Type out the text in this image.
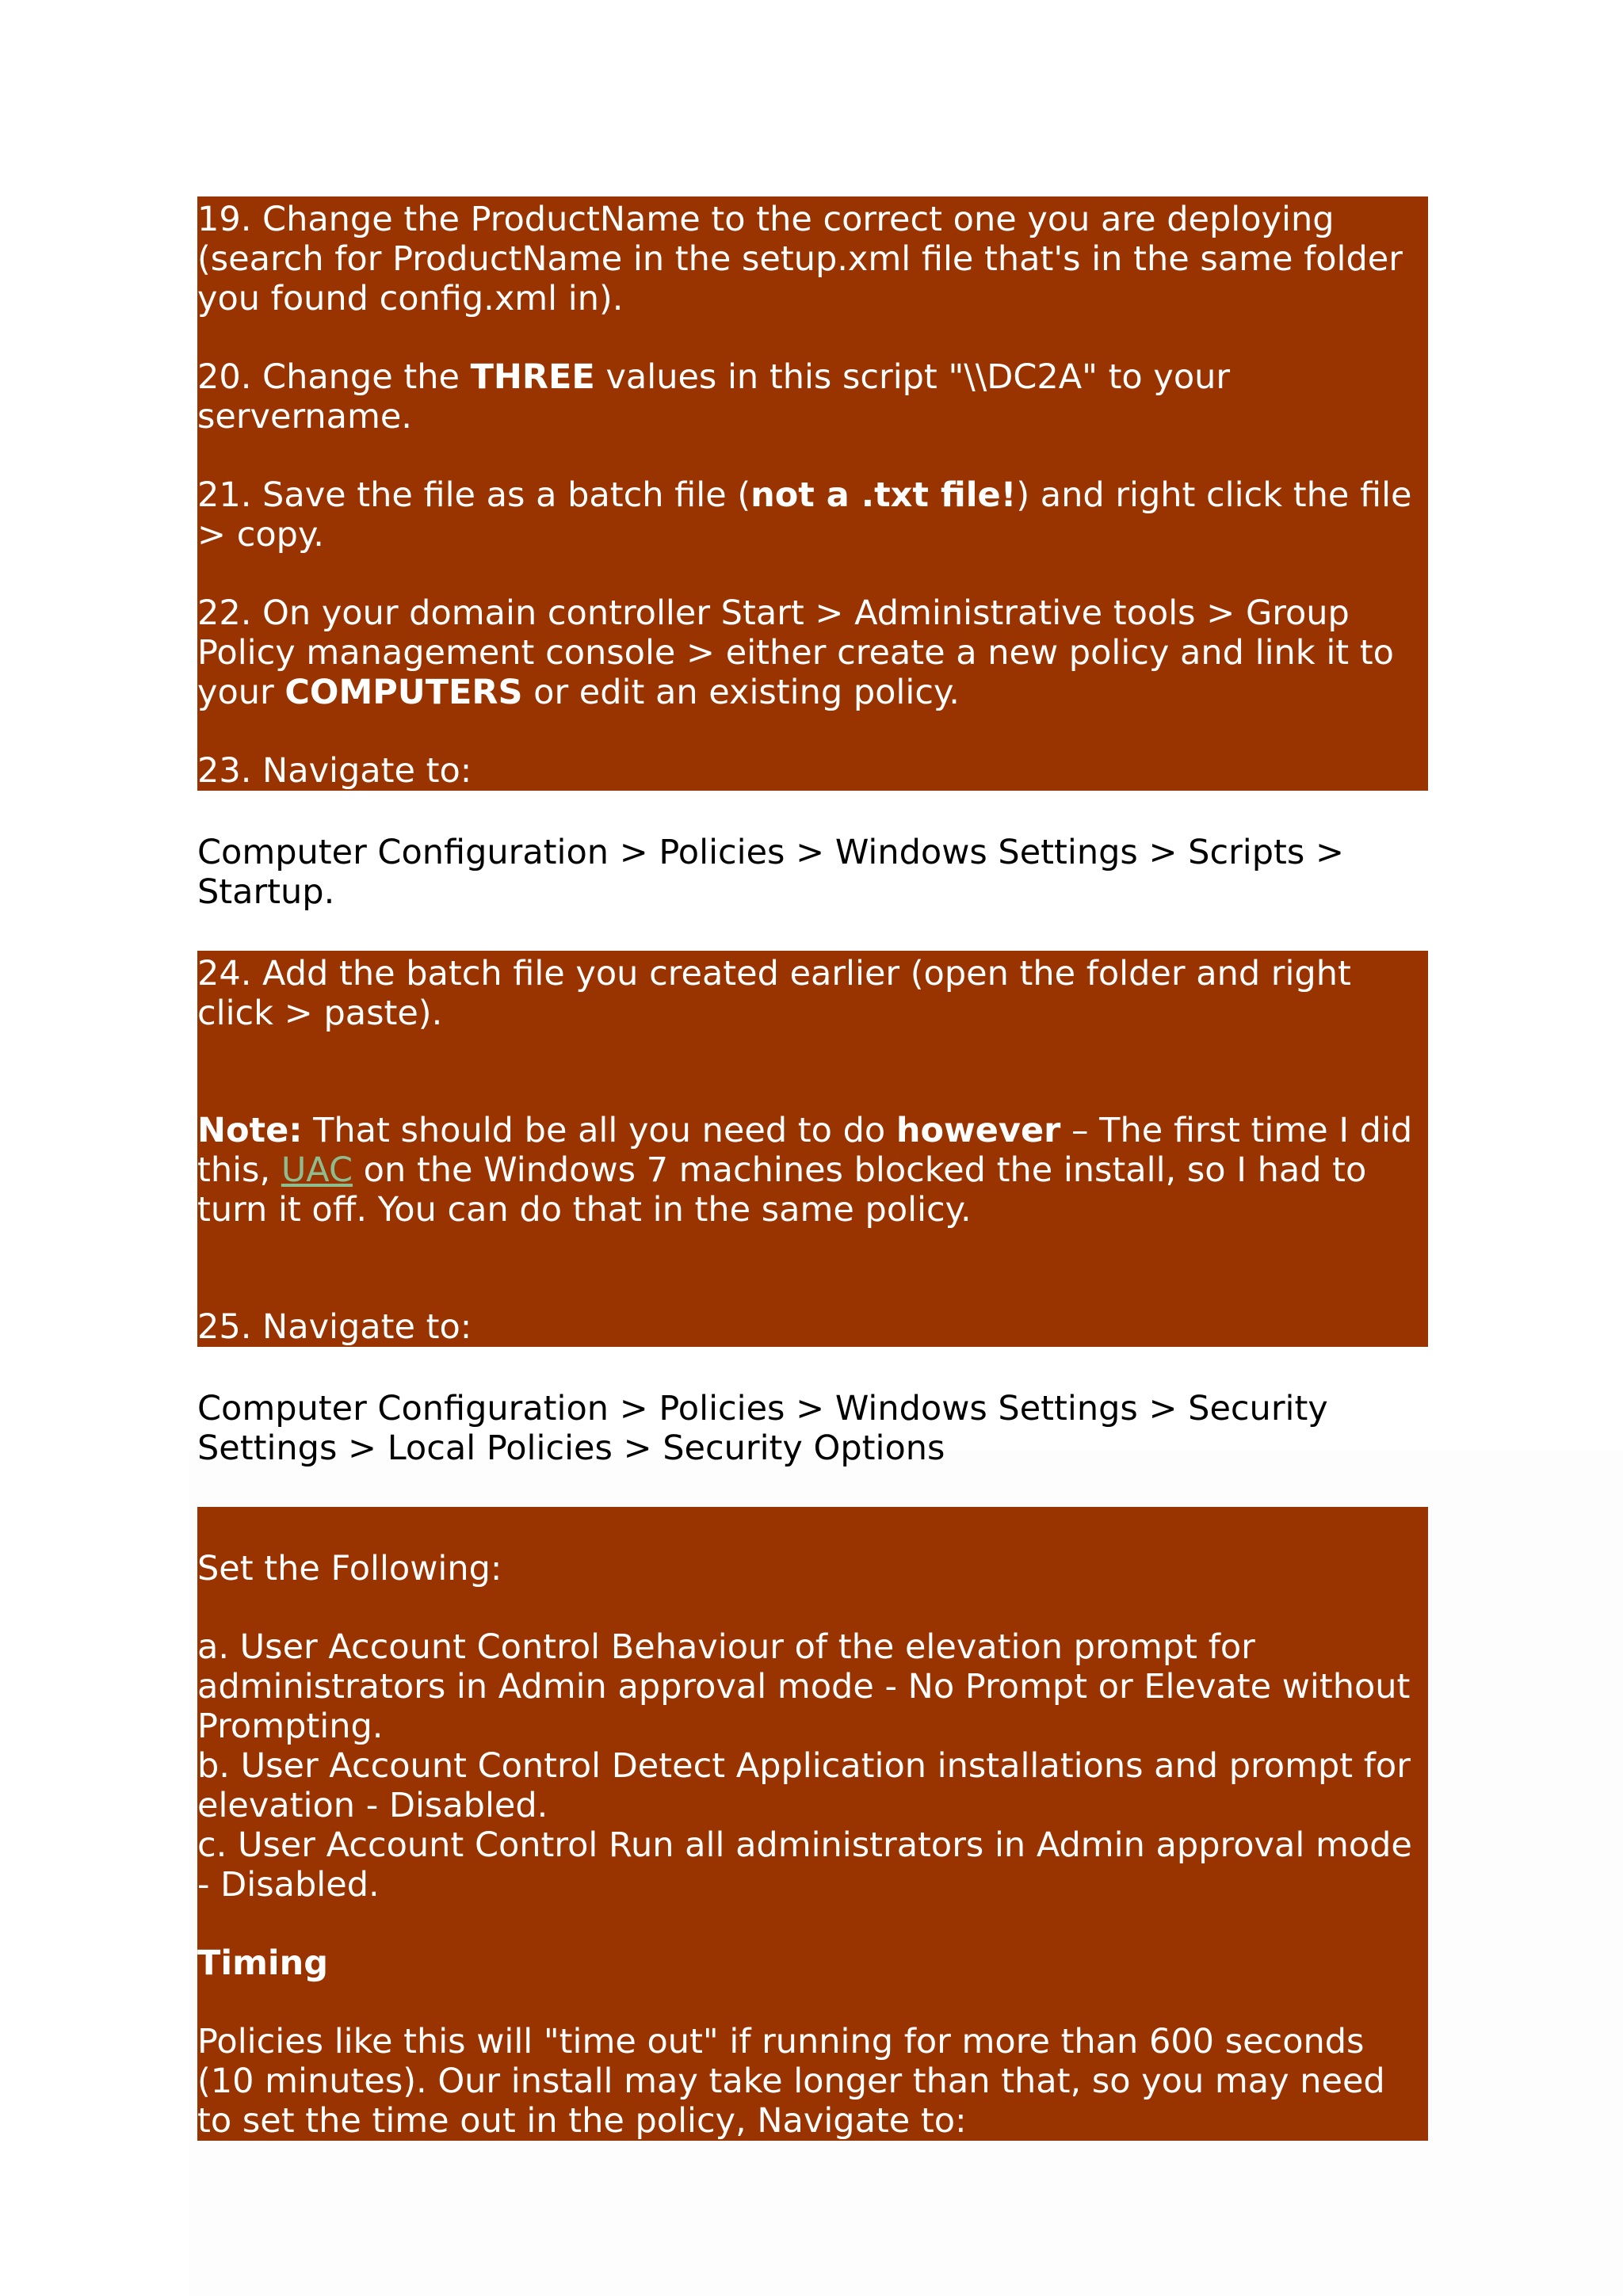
19. Change the ProductName to the correct one you are deploying (search for ProductName in the setup.xml file that's in the same folder you found config.xml in).

20. Change the THREE values in this script "\\DC2A" to your servername.

21. Save the file as a batch file (not a .txt file!) and right click the file > copy.

22. On your domain controller Start > Administrative tools > Group Policy management console > either create a new policy and link it to your COMPUTERS or edit an existing policy.

23. Navigate to:

Computer Configuration > Policies > Windows Settings > Scripts > Startup.

24. Add the batch file you created earlier (open the folder and right click > paste).

Note: That should be all you need to do however – The first time I did this, UAC on the Windows 7 machines blocked the install, so I had to turn it off. You can do that in the same policy.

25. Navigate to:

Computer Configuration > Policies > Windows Settings > Security Settings > Local Policies > Security Options

Set the Following:

a. User Account Control Behaviour of the elevation prompt for administrators in Admin approval mode - No Prompt or Elevate without Prompting.
b. User Account Control Detect Application installations and prompt for elevation - Disabled.
c. User Account Control Run all administrators in Admin approval mode - Disabled.

Timing

Policies like this will "time out" if running for more than 600 seconds (10 minutes). Our install may take longer than that, so you may need to set the time out in the policy, Navigate to:
